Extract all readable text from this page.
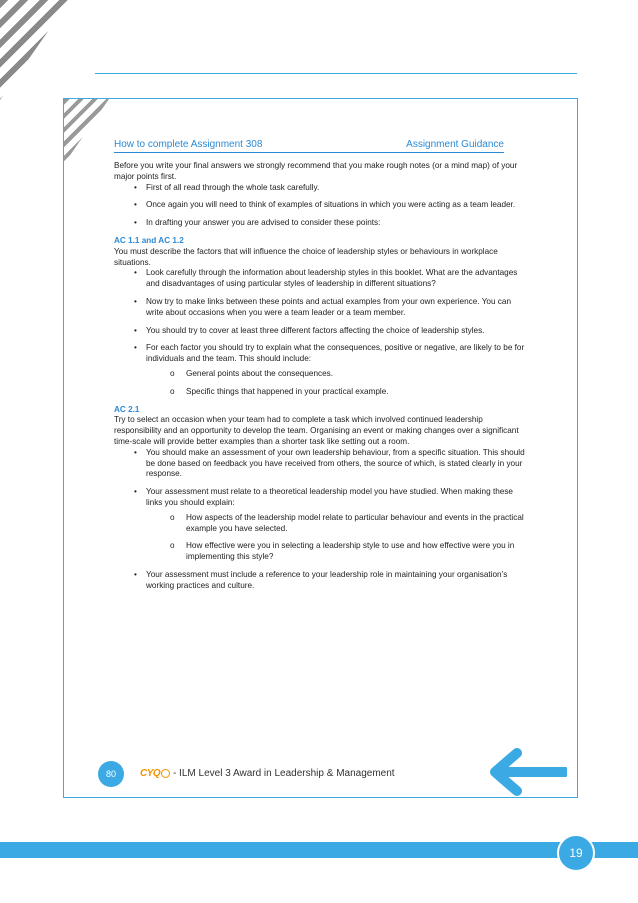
How to complete Assignment 308	Assignment Guidance

Before you write your final answers we strongly recommend that you make rough notes (or a mind map) of your major points first.

• First of all read through the whole task carefully.
• Once again you will need to think of examples of situations in which you were acting as a team leader.
• In drafting your answer you are advised to consider these points:

AC 1.1 and AC 1.2

You must describe the factors that will influence the choice of leadership styles or behaviours in workplace situations.

• Look carefully through the information about leadership styles in this booklet. What are the advantages and disadvantages of using particular styles of leadership in different situations?
• Now try to make links between these points and actual examples from your own experience. You can write about occasions when you were a team leader or a team member.
• You should try to cover at least three different factors affecting the choice of leadership styles.
• For each factor you should try to explain what the consequences, positive or negative, are likely to be for individuals and the team. This should include:
o General points about the consequences.
o Specific things that happened in your practical example.

AC 2.1

Try to select an occasion when your team had to complete a task which involved continued leadership responsibility and an opportunity to develop the team. Organising an event or making changes over a significant time-scale will provide better examples than a shorter task like setting out a room.

• You should make an assessment of your own leadership behaviour, from a specific situation. This should be done based on feedback you have received from others, the source of which, is stated clearly in your response.
• Your assessment must relate to a theoretical leadership model you have studied. When making these links you should explain:
o How aspects of the leadership model relate to particular behaviour and events in the practical example you have selected.
o How effective were you in selecting a leadership style to use and how effective were you in implementing this style?
• Your assessment must include a reference to your leadership role in maintaining your organisation’s working practices and culture.
80	CYQ - ILM Level 3 Award in Leadership & Management
19
